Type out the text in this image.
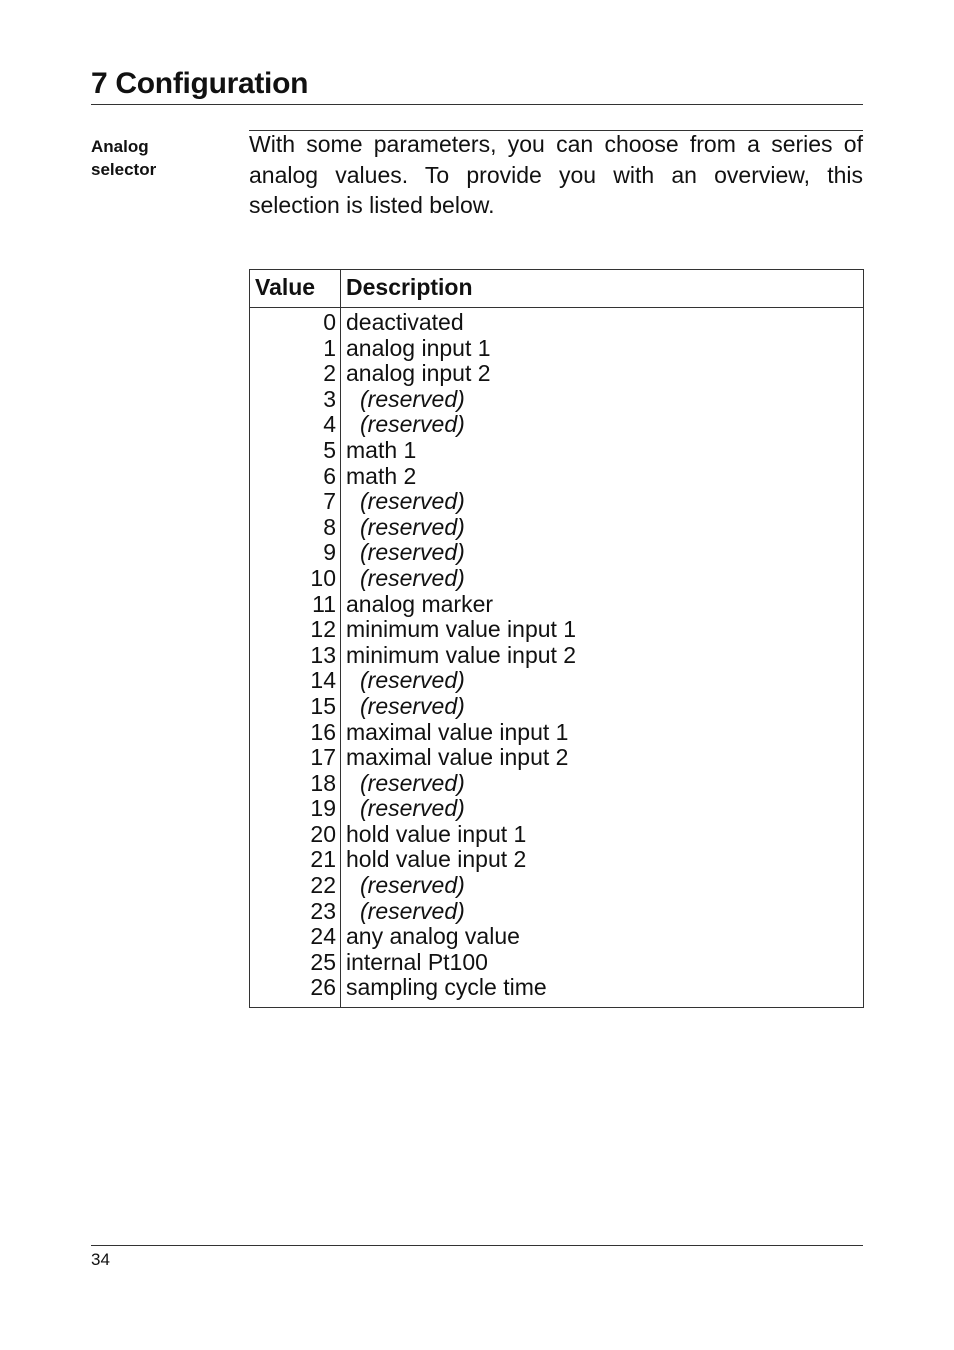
7 Configuration
Analog
selector

With some parameters, you can choose from a series of analog values. To provide you with an overview, this selection is listed below.

Value	Description
0	deactivated
1	analog input 1
2	analog input 2
3	(reserved)
4	(reserved)
5	math 1
6	math 2
7	(reserved)
8	(reserved)
9	(reserved)
10	(reserved)
11	analog marker
12	minimum value input 1
13	minimum value input 2
14	(reserved)
15	(reserved)
16	maximal value input 1
17	maximal value input 2
18	(reserved)
19	(reserved)
20	hold value input 1
21	hold value input 2
22	(reserved)
23	(reserved)
24	any analog value
25	internal Pt100
26	sampling cycle time
34
